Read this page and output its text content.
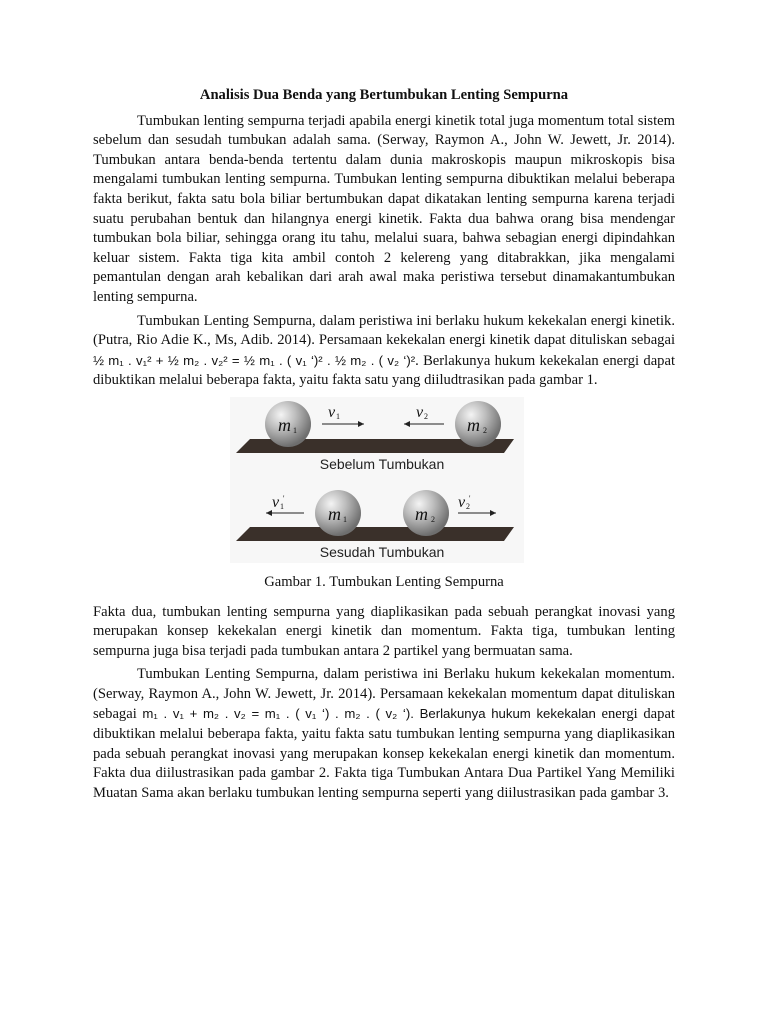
Analisis Dua Benda yang Bertumbukan Lenting Sempurna

Tumbukan lenting sempurna terjadi apabila energi kinetik total juga momentum total sistem sebelum dan sesudah tumbukan adalah sama. (Serway, Raymon A., John W. Jewett, Jr. 2014). Tumbukan antara benda-benda tertentu dalam dunia makroskopis maupun mikroskopis bisa mengalami tumbukan lenting sempurna. Tumbukan lenting sempurna dibuktikan melalui beberapa fakta berikut, fakta satu bola biliar bertumbukan dapat dikatakan lenting sempurna karena terjadi suatu perubahan bentuk dan hilangnya energi kinetik. Fakta dua bahwa orang bisa mendengar tumbukan bola biliar, sehingga orang itu tahu, melalui suara, bahwa sebagian energi dipindahkan keluar sistem. Fakta tiga kita ambil contoh 2 kelereng yang ditabrakkan, jika mengalami pemantulan dengan arah kebalikan dari arah awal maka peristiwa tersebut dinamakantumbukan lenting sempurna.

Tumbukan Lenting Sempurna, dalam peristiwa ini berlaku hukum kekekalan energi kinetik. (Putra, Rio Adie K., Ms, Adib. 2014). Persamaan kekekalan energi kinetik dapat dituliskan sebagai ½ m₁ . v₁² + ½ m₂ . v₂² = ½ m₁ . ( v₁ ‘)² . ½ m₂ . ( v₂ ‘)². Berlakunya hukum kekekalan energi dapat dibuktikan melalui beberapa fakta, yaitu fakta satu yang diiludtrasikan pada gambar 1.

m 1	m 2
v 1	v 2
Sebelum Tumbukan
m 1	m 2
v 1
'	v 2
'
Sesudah Tumbukan
Gambar 1. Tumbukan Lenting Sempurna

Fakta dua, tumbukan lenting sempurna yang diaplikasikan pada sebuah perangkat inovasi yang merupakan konsep kekekalan energi kinetik dan momentum. Fakta tiga, tumbukan lenting sempurna juga bisa terjadi pada tumbukan antara 2 partikel yang bermuatan sama.

Tumbukan Lenting Sempurna, dalam peristiwa ini Berlaku hukum kekekalan momentum. (Serway, Raymon A., John W. Jewett, Jr. 2014). Persamaan kekekalan momentum dapat dituliskan sebagai m₁ . v₁ + m₂ . v₂ = m₁ . ( v₁ ‘) . m₂ . ( v₂ ‘). Berlakunya hukum kekekalan energi dapat dibuktikan melalui beberapa fakta, yaitu fakta satu tumbukan lenting sempurna yang diaplikasikan pada sebuah perangkat inovasi yang merupakan konsep kekekalan energi kinetik dan momentum. Fakta dua diilustrasikan pada gambar 2. Fakta tiga Tumbukan Antara Dua Partikel Yang Memiliki Muatan Sama akan berlaku tumbukan lenting sempurna seperti yang diilustrasikan pada gambar 3.
